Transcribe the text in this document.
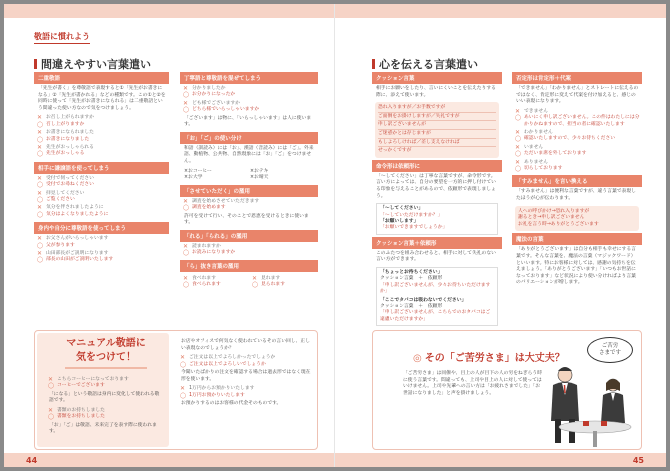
44	45
敬語に慣れよう
間違えやすい言葉遣い
二重敬語
「先生が書く」を尊敬語で表現すると①「先生がお書きになる」②「先生が書かれる」などの種類です。この①と②を同時に使って「先生がお書きになられる」は二重敬語という間違った使い方なので気をつけましょう。
✕ お召し上がられますか
◯ 召し上がりますか
✕ お書きになられました
◯ お書きになりました
✕ 先生がおっしゃられる
◯ 先生がおっしゃる
相手に謙譲語を使ってしまう
✕ 受付で伺ってください
◯ 受付でお尋ねください
✕ 拝見してください
◯ ご覧ください
✕ 気分を伴されましたように
◯ 気分はよくなりましたように
身内や自分に尊敬語を使ってしまう
✕ お父さんがいらっしゃいます
◯ 父が参ります
✕ 山田部長がご説明になります
◯ 部長の山田がご説明いたします
丁寧語と尊敬語を混ぜてしまう
✕ 分かりましたか
◯ お分かりになったか
✕ ども様でございますか
◯ どちら様でいらっしゃいますか
「ございます」は物に、「いらっしゃいます」は人に使います。
「お」「ご」の使い分け
和語（訓読み）には「お」、漢語（音読み）には「ご」。外来語、動植物、公共物、自然現象には「お」「ご」をつけません。
×おコーヒー	×おテキ
×お大学	×お晴天
「させていただく」の濫用
✕ 調査を始めさせていただきます
◯ 調査を始めます
許可を受けて行い、そのことで恩恵を受けるときに使います。
「れる」「られる」の濫用
✕ 読まれますか
◯ お読みになりますか
「ら」抜き言葉の濫用
✕ 食べれます
◯ 食べられます
✕ 見れます
◯ 見られます
マニュアル敬語に
気をつけて！
✕ こちらコーヒーになっております
◯ コーヒーでございます
「になる」という敬語は身内に変化して使われる敬語です。
✕ 書類のお持ちしました
◯ 書類をお持ちしました
「お」「ご」は敬語、未来完了を表す際に使われます。
お店やオフィスで何気なく使われているその言い回し、正しい表現なのでしょうか？
✕ ご注文は以上でよろしかったでしょうか
◯ ご注文は以上でよろしいでしょうか
今聞いたばかりの注文を確認する場合は過去形ではなく現在形を使います。
✕ 1万円からお預かりいたします
◯ 1万円お預かりいたします
お預かりするのはお客様の代金そのものです。
心を伝える言葉遣い
クッション言葉
相手にお願いをしたり、言いにくいことを伝えたりする際に、添えて使います。
恐れ入りますが／お手数ですが
ご面倒をお掛けしますが／失礼ですが
申し訳ございませんが
ご迷惑かとは存じますが
もしよろしければ／差し支えなければ
せっかくですが
命令形は依頼形に
「～してください」は丁寧な言葉ですが、命令形です。言い方によっては、自分の要望を一方的に押し付けている印象を与えることがあるので、依頼形で表現しましょう。
「～してください」
「～していただけますか？」
「お願いします」
「お願いできますでしょうか」
クッション言葉＋依頼形
このふたつを組み合わせると、相手に対して失礼のない言い方ができます。
「ちょっとお待ちください」
クッション言葉　＋　依頼形
「申し訳ございませんが、少々お待ちいただけますか」
「ここでタバコは吸わないでください」
クッション言葉　＋　依頼形
「申し訳ございませんが、こちらでのおタバコはご遠慮いただけますか」
否定形は肯定形＋代案
「できません」「わかりません」とストレートに伝えるのではなく、肯定形に変えて代案を付け加えると、感じのいい表現になります。
✕ できません
◯ あいにく申し訳ございません。この件はわたしには分かりかねますので、担当の者に確認いたします
✕ わかりません
◯ 確認いたしますので、少々お待ちください
✕ いません
◯ ただいま席を外しております
✕ ありません
◯ 切らしております
「すみません」を言い換える
「すみません」は便利な言葉ですが、違う言葉で表現したほうが心が伝わります。
人への呼びかけ→恐れ入りますが
謝るとき→申し訳ございません
お礼を言う時→ありがとうございます
魔法の言葉
「ありがとうございます」は自分も相手も幸せにする言葉です。そんな言葉を、魔法の言葉（マジックワード）といいます。特にお客様に対しては、感謝の気持ちを伝えましょう。「ありがとうございます」「いつもお世話になっております」など状況により使い分ければより言葉のバリエーションが増します。
◎ その「ご苦労さま」は大丈夫？
「ご苦労さま」は同僚や、目上の人が目下の人の労をねぎらう時に使う言葉です。間違っても、上司や目上の人に対して使ってはいけません。上司や先輩への言い方は「お疲れさまでした」「お世話になりました」と声を掛けましょう。
ご苦労
さまです
